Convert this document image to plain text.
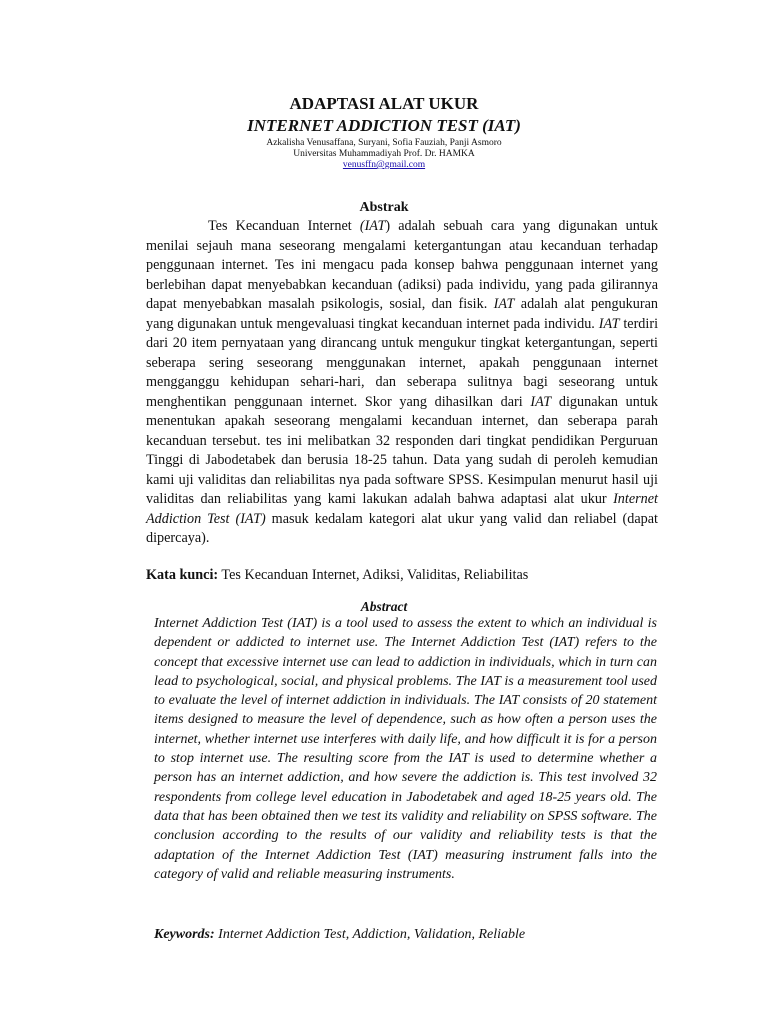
ADAPTASI ALAT UKUR
INTERNET ADDICTION TEST (IAT)
Azkalisha Venusaffana, Suryani, Sofia Fauziah, Panji Asmoro
Universitas Muhammadiyah Prof. Dr. HAMKA
venusffn@gmail.com
Abstrak

Tes Kecanduan Internet (IAT) adalah sebuah cara yang digunakan untuk menilai sejauh mana seseorang mengalami ketergantungan atau kecanduan terhadap penggunaan internet. Tes ini mengacu pada konsep bahwa penggunaan internet yang berlebihan dapat menyebabkan kecanduan (adiksi) pada individu, yang pada gilirannya dapat menyebabkan masalah psikologis, sosial, dan fisik. IAT adalah alat pengukuran yang digunakan untuk mengevaluasi tingkat kecanduan internet pada individu. IAT terdiri dari 20 item pernyataan yang dirancang untuk mengukur tingkat ketergantungan, seperti seberapa sering seseorang menggunakan internet, apakah penggunaan internet mengganggu kehidupan sehari-hari, dan seberapa sulitnya bagi seseorang untuk menghentikan penggunaan internet. Skor yang dihasilkan dari IAT digunakan untuk menentukan apakah seseorang mengalami kecanduan internet, dan seberapa parah kecanduan tersebut. tes ini melibatkan 32 responden dari tingkat pendidikan Perguruan Tinggi di Jabodetabek dan berusia 18-25 tahun. Data yang sudah di peroleh kemudian kami uji validitas dan reliabilitas nya pada software SPSS. Kesimpulan menurut hasil uji validitas dan reliabilitas yang kami lakukan adalah bahwa adaptasi alat ukur Internet Addiction Test (IAT) masuk kedalam kategori alat ukur yang valid dan reliabel (dapat dipercaya).

Kata kunci: Tes Kecanduan Internet, Adiksi, Validitas, Reliabilitas

Abstract

Internet Addiction Test (IAT) is a tool used to assess the extent to which an individual is dependent or addicted to internet use. The Internet Addiction Test (IAT) refers to the concept that excessive internet use can lead to addiction in individuals, which in turn can lead to psychological, social, and physical problems. The IAT is a measurement tool used to evaluate the level of internet addiction in individuals. The IAT consists of 20 statement items designed to measure the level of dependence, such as how often a person uses the internet, whether internet use interferes with daily life, and how difficult it is for a person to stop internet use. The resulting score from the IAT is used to determine whether a person has an internet addiction, and how severe the addiction is. This test involved 32 respondents from college level education in Jabodetabek and aged 18-25 years old. The data that has been obtained then we test its validity and reliability on SPSS software. The conclusion according to the results of our validity and reliability tests is that the adaptation of the Internet Addiction Test (IAT) measuring instrument falls into the category of valid and reliable measuring instruments.

Keywords: Internet Addiction Test, Addiction, Validation, Reliable
